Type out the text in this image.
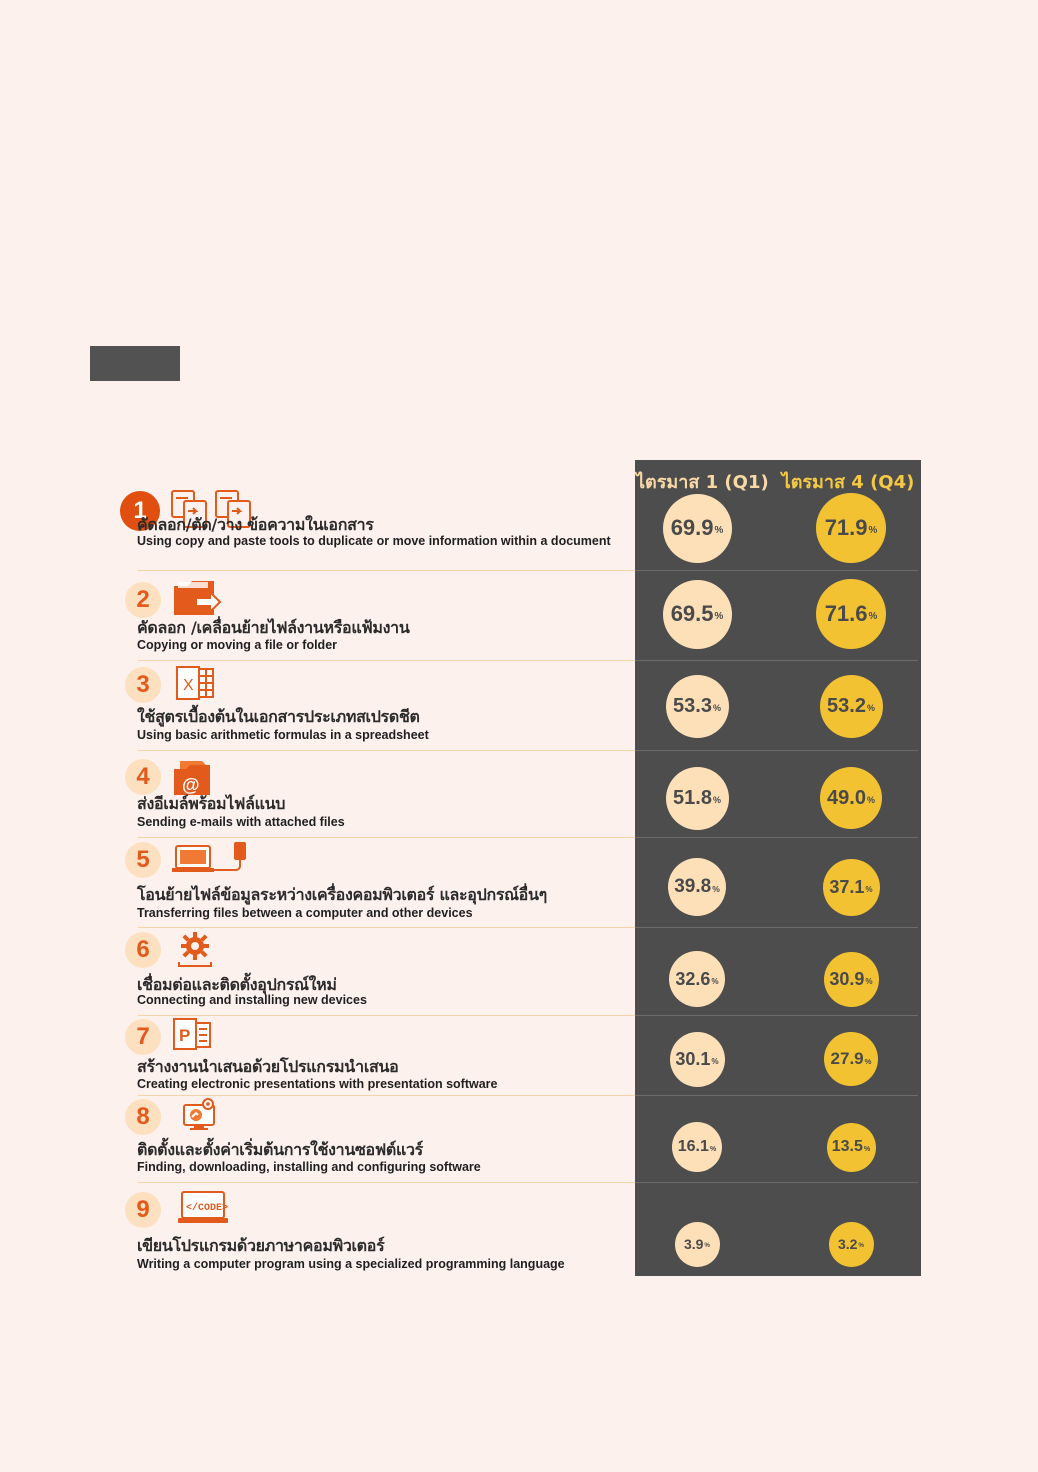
ไตรมาส 1 (Q1) ไตรมาส 4 (Q4)
1
คัดลอก/ตัด/วาง ข้อความในเอกสาร
Using copy and paste tools to duplicate or move information within a document
69.9 %	71.9 %
2
คัดลอก /เคลื่อนย้ายไฟล์งานหรือแฟ้มงาน
Copying or moving a file or folder
69.5 %	71.6 %
3	X
ใช้สูตรเบื้องต้นในเอกสารประเภทสเปรดชีต
Using basic arithmetic formulas in a spreadsheet
53.3 %	53.2 %
4	@
ส่งอีเมล์พร้อมไฟล์แนบ
Sending e-mails with attached files
51.8 %	49.0 %
5
โอนย้ายไฟล์ข้อมูลระหว่างเครื่องคอมพิวเตอร์ และอุปกรณ์อื่นๆ
Transferring files between a computer and other devices
39.8 %	37.1 %
6
เชื่อมต่อและติดตั้งอุปกรณ์ใหม่
Connecting and installing new devices
32.6 %	30.9 %
7	P
สร้างงานนำเสนอด้วยโปรแกรมนำเสนอ
Creating electronic presentations with presentation software
30.1 %	27.9 %
8
ติดตั้งและตั้งค่าเริ่มต้นการใช้งานซอฟต์แวร์
Finding, downloading, installing and configuring software
16.1 %	13.5 %
9	</CODE>
เขียนโปรแกรมด้วยภาษาคอมพิวเตอร์
Writing a computer program using a specialized programming language
3.9 %	3.2 %
